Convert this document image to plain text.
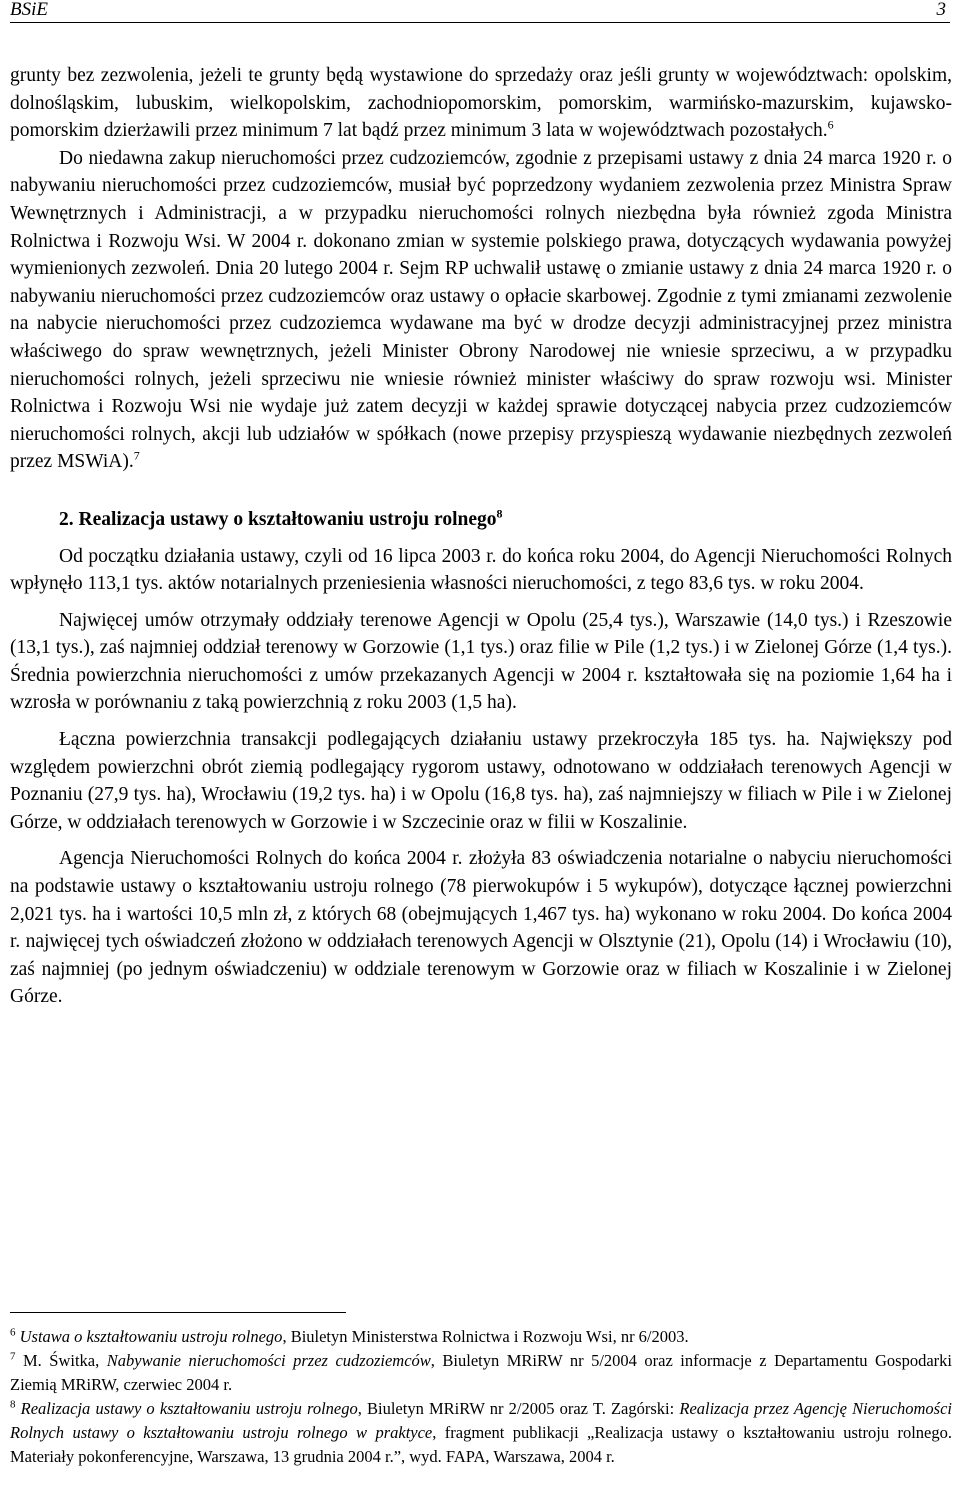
BSiE	3

grunty bez zezwolenia, jeżeli te grunty będą wystawione do sprzedaży oraz jeśli grunty w województwach: opolskim, dolnośląskim, lubuskim, wielkopolskim, zachodniopomorskim, pomorskim, warmińsko-mazurskim, kujawsko-pomorskim dzierżawili przez minimum 7 lat bądź przez minimum 3 lata w województwach pozostałych.$^6$

Do niedawna zakup nieruchomości przez cudzoziemców, zgodnie z przepisami ustawy z dnia 24 marca 1920 r. o nabywaniu nieruchomości przez cudzoziemców, musiał być poprzedzony wydaniem zezwolenia przez Ministra Spraw Wewnętrznych i Administracji, a w przypadku nieruchomości rolnych niezbędna była również zgoda Ministra Rolnictwa i Rozwoju Wsi. W 2004 r. dokonano zmian w systemie polskiego prawa, dotyczących wydawania powyżej wymienionych zezwoleń. Dnia 20 lutego 2004 r. Sejm RP uchwalił ustawę o zmianie ustawy z dnia 24 marca 1920 r. o nabywaniu nieruchomości przez cudzoziemców oraz ustawy o opłacie skarbowej. Zgodnie z tymi zmianami zezwolenie na nabycie nieruchomości przez cudzoziemca wydawane ma być w drodze decyzji administracyjnej przez ministra właściwego do spraw wewnętrznych, jeżeli Minister Obrony Narodowej nie wniesie sprzeciwu, a w przypadku nieruchomości rolnych, jeżeli sprzeciwu nie wniesie również minister właściwy do spraw rozwoju wsi. Minister Rolnictwa i Rozwoju Wsi nie wydaje już zatem decyzji w każdej sprawie dotyczącej nabycia przez cudzoziemców nieruchomości rolnych, akcji lub udziałów w spółkach (nowe przepisy przyspieszą wydawanie niezbędnych zezwoleń przez MSWiA).$^7$

2. Realizacja ustawy o kształtowaniu ustroju rolnego$^8$

Od początku działania ustawy, czyli od 16 lipca 2003 r. do końca roku 2004, do Agencji Nieruchomości Rolnych wpłynęło 113,1 tys. aktów notarialnych przeniesienia własności nieruchomości, z tego 83,6 tys. w roku 2004.

Najwięcej umów otrzymały oddziały terenowe Agencji w Opolu (25,4 tys.), Warszawie (14,0 tys.) i Rzeszowie (13,1 tys.), zaś najmniej oddział terenowy w Gorzowie (1,1 tys.) oraz filie w Pile (1,2 tys.) i w Zielonej Górze (1,4 tys.). Średnia powierzchnia nieruchomości z umów przekazanych Agencji w 2004 r. kształtowała się na poziomie 1,64 ha i wzrosła w porównaniu z taką powierzchnią z roku 2003 (1,5 ha).

Łączna powierzchnia transakcji podlegających działaniu ustawy przekroczyła 185 tys. ha. Największy pod względem powierzchni obrót ziemią podlegający rygorom ustawy, odnotowano w oddziałach terenowych Agencji w Poznaniu (27,9 tys. ha), Wrocławiu (19,2 tys. ha) i w Opolu (16,8 tys. ha), zaś najmniejszy w filiach w Pile i w Zielonej Górze, w oddziałach terenowych w Gorzowie i w Szczecinie oraz w filii w Koszalinie.

Agencja Nieruchomości Rolnych do końca 2004 r. złożyła 83 oświadczenia notarialne o nabyciu nieruchomości na podstawie ustawy o kształtowaniu ustroju rolnego (78 pierwokupów i 5 wykupów), dotyczące łącznej powierzchni 2,021 tys. ha i wartości 10,5 mln zł, z których 68 (obejmujących 1,467 tys. ha) wykonano w roku 2004. Do końca 2004 r. najwięcej tych oświadczeń złożono w oddziałach terenowych Agencji w Olsztynie (21), Opolu (14) i Wrocławiu (10), zaś najmniej (po jednym oświadczeniu) w oddziale terenowym w Gorzowie oraz w filiach w Koszalinie i w Zielonej Górze.

$^6$ Ustawa o kształtowaniu ustroju rolnego, Biuletyn Ministerstwa Rolnictwa i Rozwoju Wsi, nr 6/2003.

$^7$ M. Świtka, Nabywanie nieruchomości przez cudzoziemców, Biuletyn MRiRW nr 5/2004 oraz informacje z Departamentu Gospodarki Ziemią MRiRW, czerwiec 2004 r.

$^8$ Realizacja ustawy o kształtowaniu ustroju rolnego, Biuletyn MRiRW nr 2/2005 oraz T. Zagórski: Realizacja przez Agencję Nieruchomości Rolnych ustawy o kształtowaniu ustroju rolnego w praktyce, fragment publikacji „Realizacja ustawy o kształtowaniu ustroju rolnego. Materiały pokonferencyjne, Warszawa, 13 grudnia 2004 r.”, wyd. FAPA, Warszawa, 2004 r.
